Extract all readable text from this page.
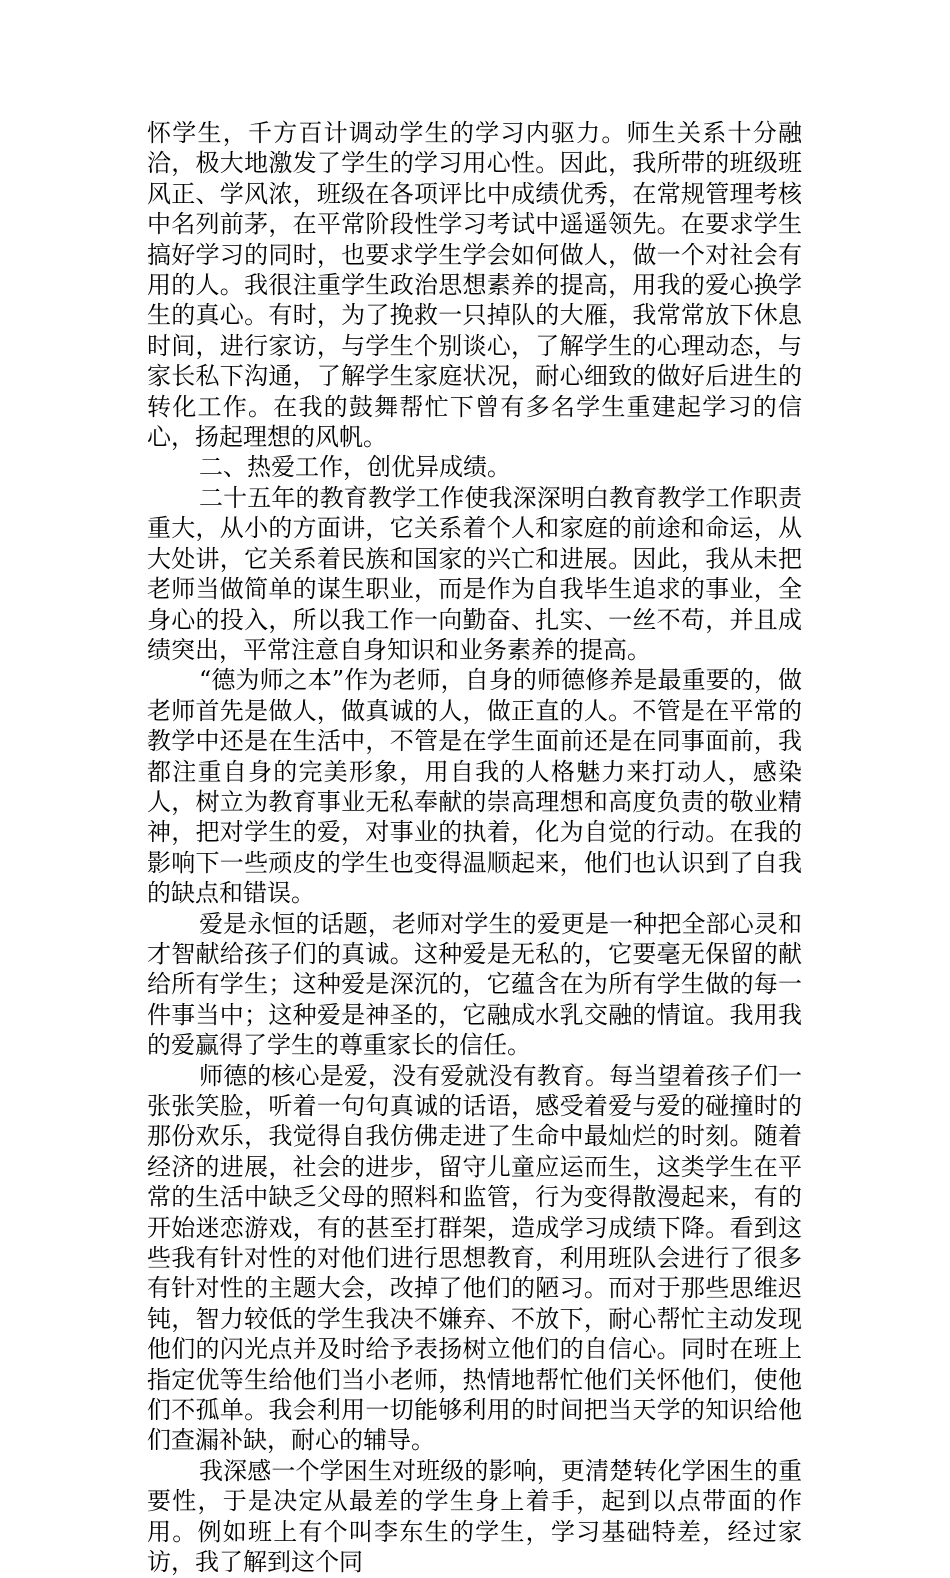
怀学生，千方百计调动学生的学习内驱力。师生关系十分融洽，极大地激发了学生的学习用心性。因此，我所带的班级班风正、学风浓，班级在各项评比中成绩优秀，在常规管理考核中名列前茅，在平常阶段性学习考试中遥遥领先。在要求学生搞好学习的同时，也要求学生学会如何做人，做一个对社会有用的人。我很注重学生政治思想素养的提高，用我的爱心换学生的真心。有时，为了挽救一只掉队的大雁，我常常放下休息时间，进行家访，与学生个别谈心，了解学生的心理动态，与家长私下沟通，了解学生家庭状况，耐心细致的做好后进生的转化工作。在我的鼓舞帮忙下曾有多名学生重建起学习的信心，扬起理想的风帆。

二、热爱工作，创优异成绩。

二十五年的教育教学工作使我深深明白教育教学工作职责重大，从小的方面讲，它关系着个人和家庭的前途和命运，从大处讲，它关系着民族和国家的兴亡和进展。因此，我从未把老师当做简单的谋生职业，而是作为自我毕生追求的事业，全身心的投入，所以我工作一向勤奋、扎实、一丝不苟，并且成绩突出，平常注意自身知识和业务素养的提高。

“德为师之本”作为老师，自身的师德修养是最重要的，做老师首先是做人，做真诚的人，做正直的人。不管是在平常的教学中还是在生活中，不管是在学生面前还是在同事面前，我都注重自身的完美形象，用自我的人格魅力来打动人，感染人，树立为教育事业无私奉献的崇高理想和高度负责的敬业精神，把对学生的爱，对事业的执着，化为自觉的行动。在我的影响下一些顽皮的学生也变得温顺起来，他们也认识到了自我的缺点和错误。

爱是永恒的话题，老师对学生的爱更是一种把全部心灵和才智献给孩子们的真诚。这种爱是无私的，它要毫无保留的献给所有学生；这种爱是深沉的，它蕴含在为所有学生做的每一件事当中；这种爱是神圣的，它融成水乳交融的情谊。我用我的爱赢得了学生的尊重家长的信任。

师德的核心是爱，没有爱就没有教育。每当望着孩子们一张张笑脸，听着一句句真诚的话语，感受着爱与爱的碰撞时的那份欢乐，我觉得自我仿佛走进了生命中最灿烂的时刻。随着经济的进展，社会的进步，留守儿童应运而生，这类学生在平常的生活中缺乏父母的照料和监管，行为变得散漫起来，有的开始迷恋游戏，有的甚至打群架，造成学习成绩下降。看到这些我有针对性的对他们进行思想教育，利用班队会进行了很多有针对性的主题大会，改掉了他们的陋习。而对于那些思维迟钝，智力较低的学生我决不嫌弃、不放下，耐心帮忙主动发现他们的闪光点并及时给予表扬树立他们的自信心。同时在班上指定优等生给他们当小老师，热情地帮忙他们关怀他们，使他们不孤单。我会利用一切能够利用的时间把当天学的知识给他们查漏补缺，耐心的辅导。

我深感一个学困生对班级的影响，更清楚转化学困生的重要性，于是决定从最差的学生身上着手，起到以点带面的作用。例如班上有个叫李东生的学生，学习基础特差，经过家访，我了解到这个同
